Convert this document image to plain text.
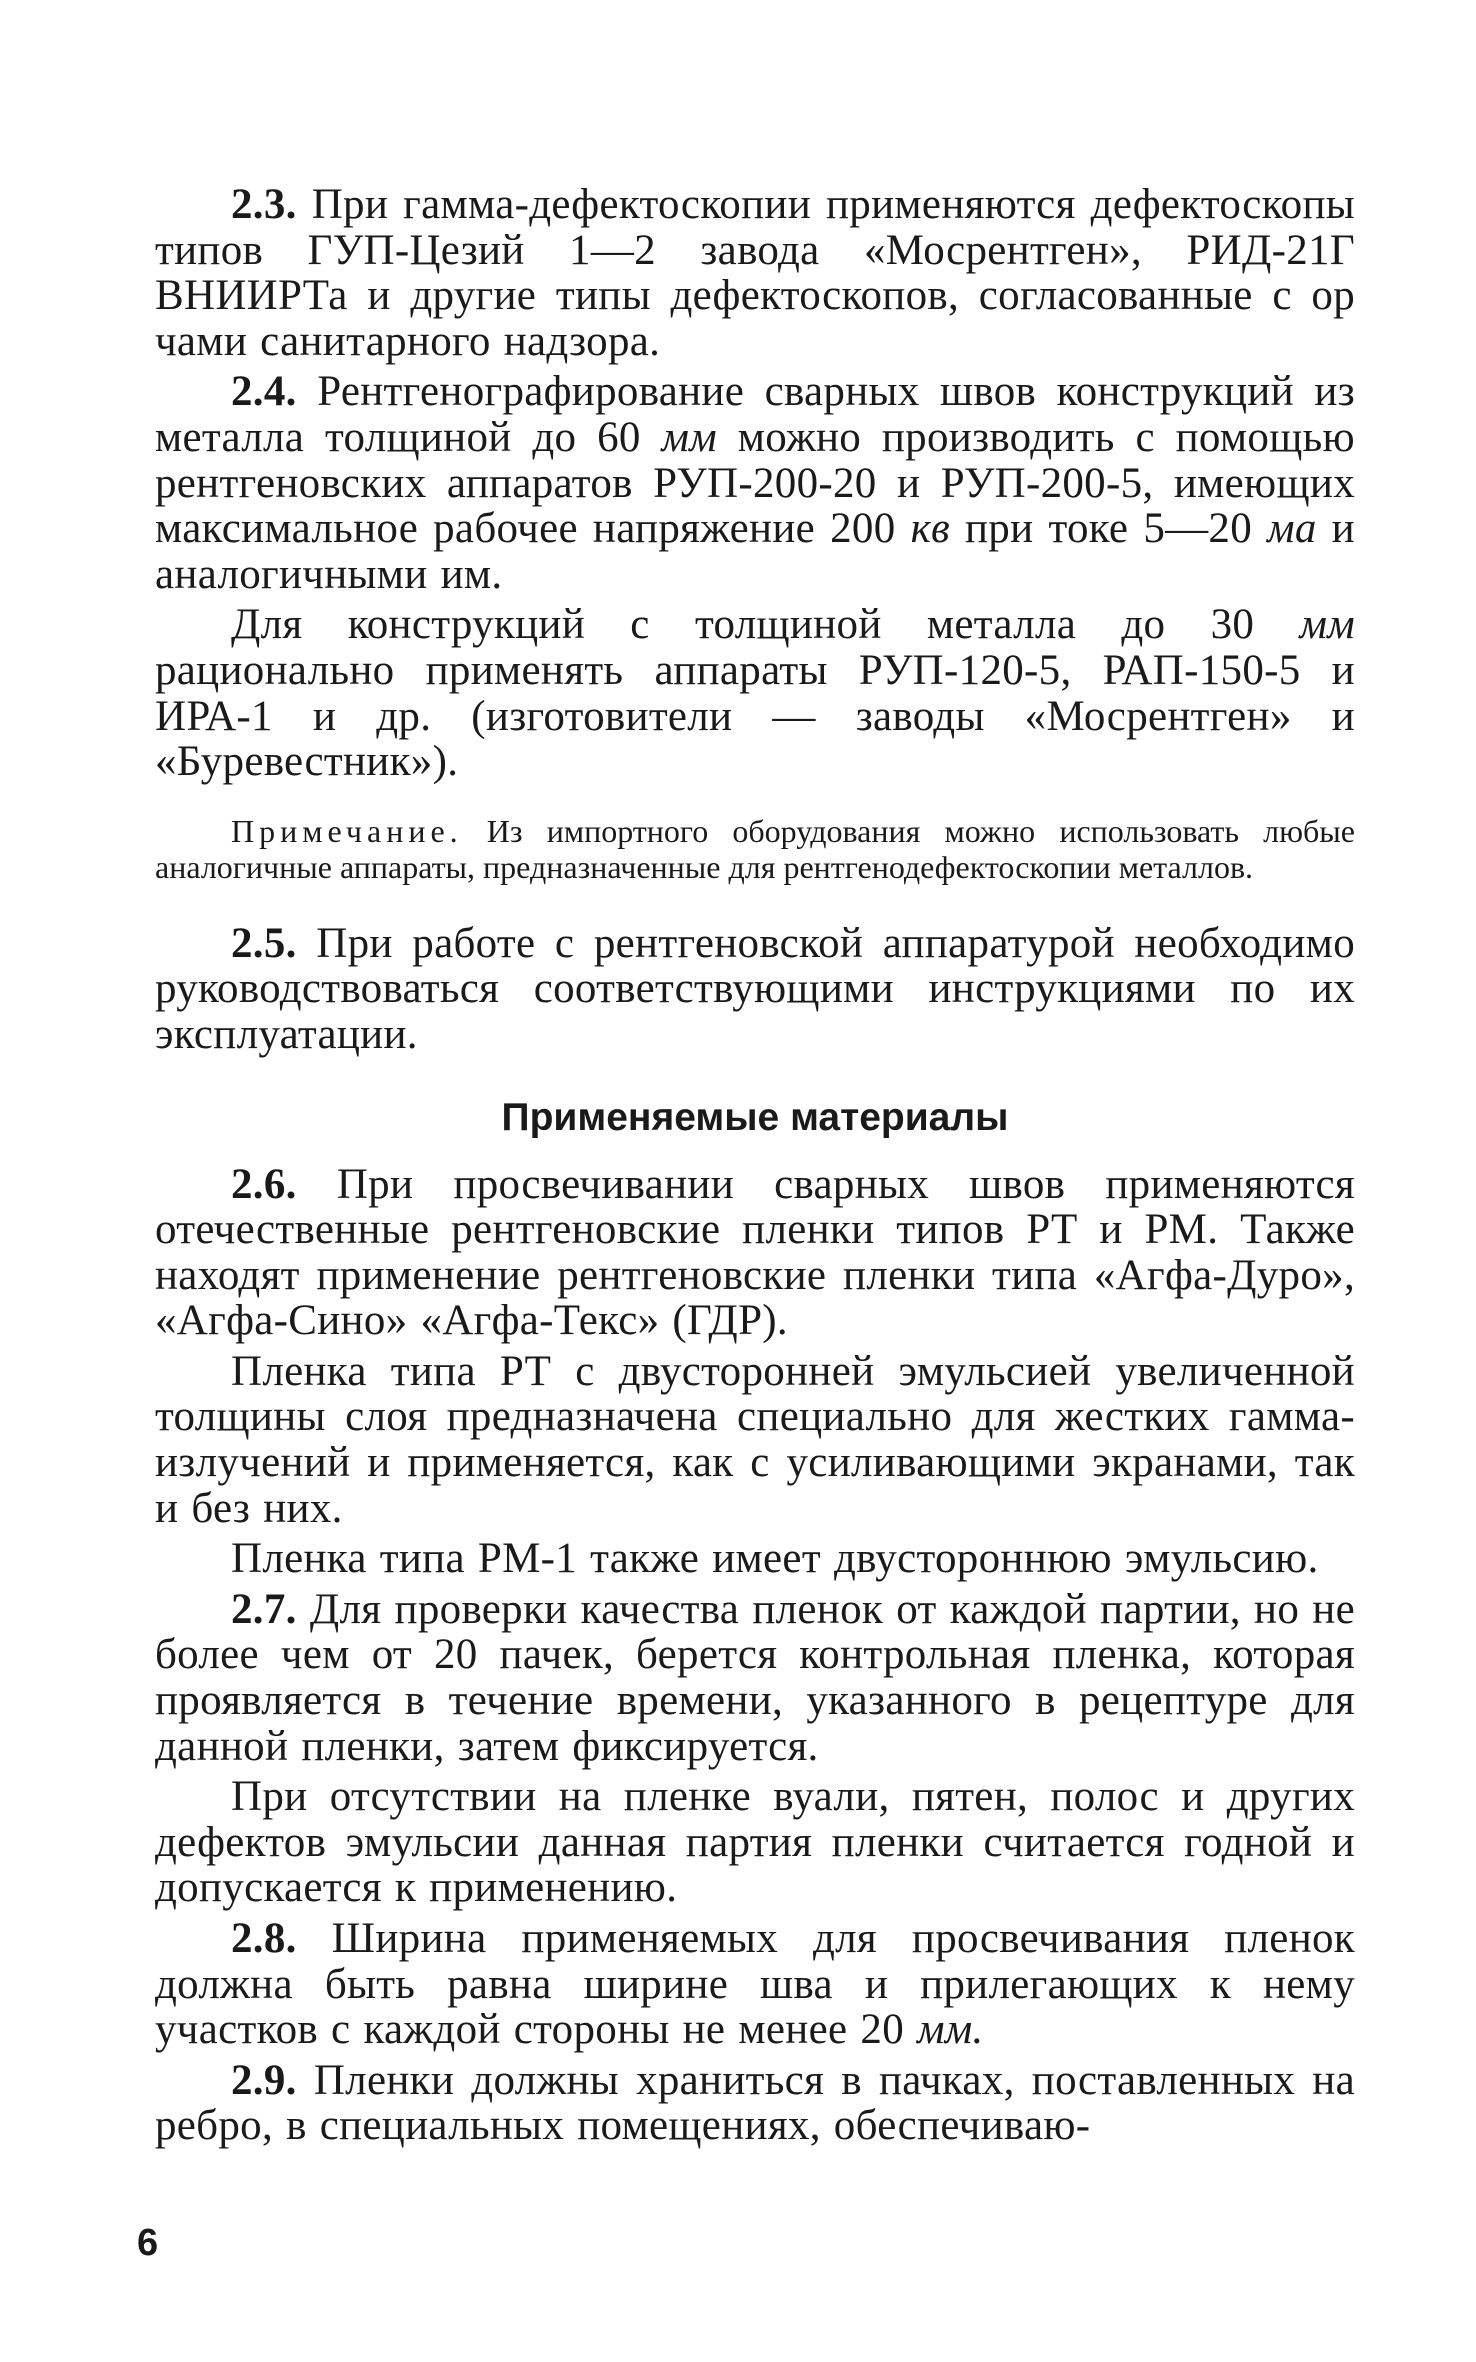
2.3. При гамма-дефектоскопии применяются дефектоскопы типов ГУП-Цезий 1—2 завода «Мосрентген», РИД-21Г ВНИИРТа и другие типы дефектоскопов, согласованные с ор чами санитарного надзора.

2.4. Рентгенографирование сварных швов конструкций из металла толщиной до 60 мм можно производить с помощью рентгеновских аппаратов РУП-200-20 и РУП-200-5, имеющих максимальное рабочее напряжение 200 кв при токе 5—20 ма и аналогичными им.

Для конструкций с толщиной металла до 30 мм рационально применять аппараты РУП-120-5, РАП-150-5 и ИРА-1 и др. (изготовители — заводы «Мосрентген» и «Буревестник»).

Примечание. Из импортного оборудования можно использовать любые аналогичные аппараты, предназначенные для рентгенодефектоскопии металлов.

2.5. При работе с рентгеновской аппаратурой необходимо руководствоваться соответствующими инструкциями по их эксплуатации.

Применяемые материалы

2.6. При просвечивании сварных швов применяются отечественные рентгеновские пленки типов РТ и РМ. Также находят применение рентгеновские пленки типа «Агфа-Дуро», «Агфа-Сино» «Агфа-Текс» (ГДР).

Пленка типа РТ с двусторонней эмульсией увеличенной толщины слоя предназначена специально для жестких гамма-излучений и применяется, как с усиливающими экранами, так и без них.

Пленка типа РМ-1 также имеет двустороннюю эмульсию.

2.7. Для проверки качества пленок от каждой партии, но не более чем от 20 пачек, берется контрольная пленка, которая проявляется в течение времени, указанного в рецептуре для данной пленки, затем фиксируется.

При отсутствии на пленке вуали, пятен, полос и других дефектов эмульсии данная партия пленки считается годной и допускается к применению.

2.8. Ширина применяемых для просвечивания пленок должна быть равна ширине шва и прилегающих к нему участков с каждой стороны не менее 20 мм.

2.9. Пленки должны храниться в пачках, поставленных на ребро, в специальных помещениях, обеспечиваю-

6
